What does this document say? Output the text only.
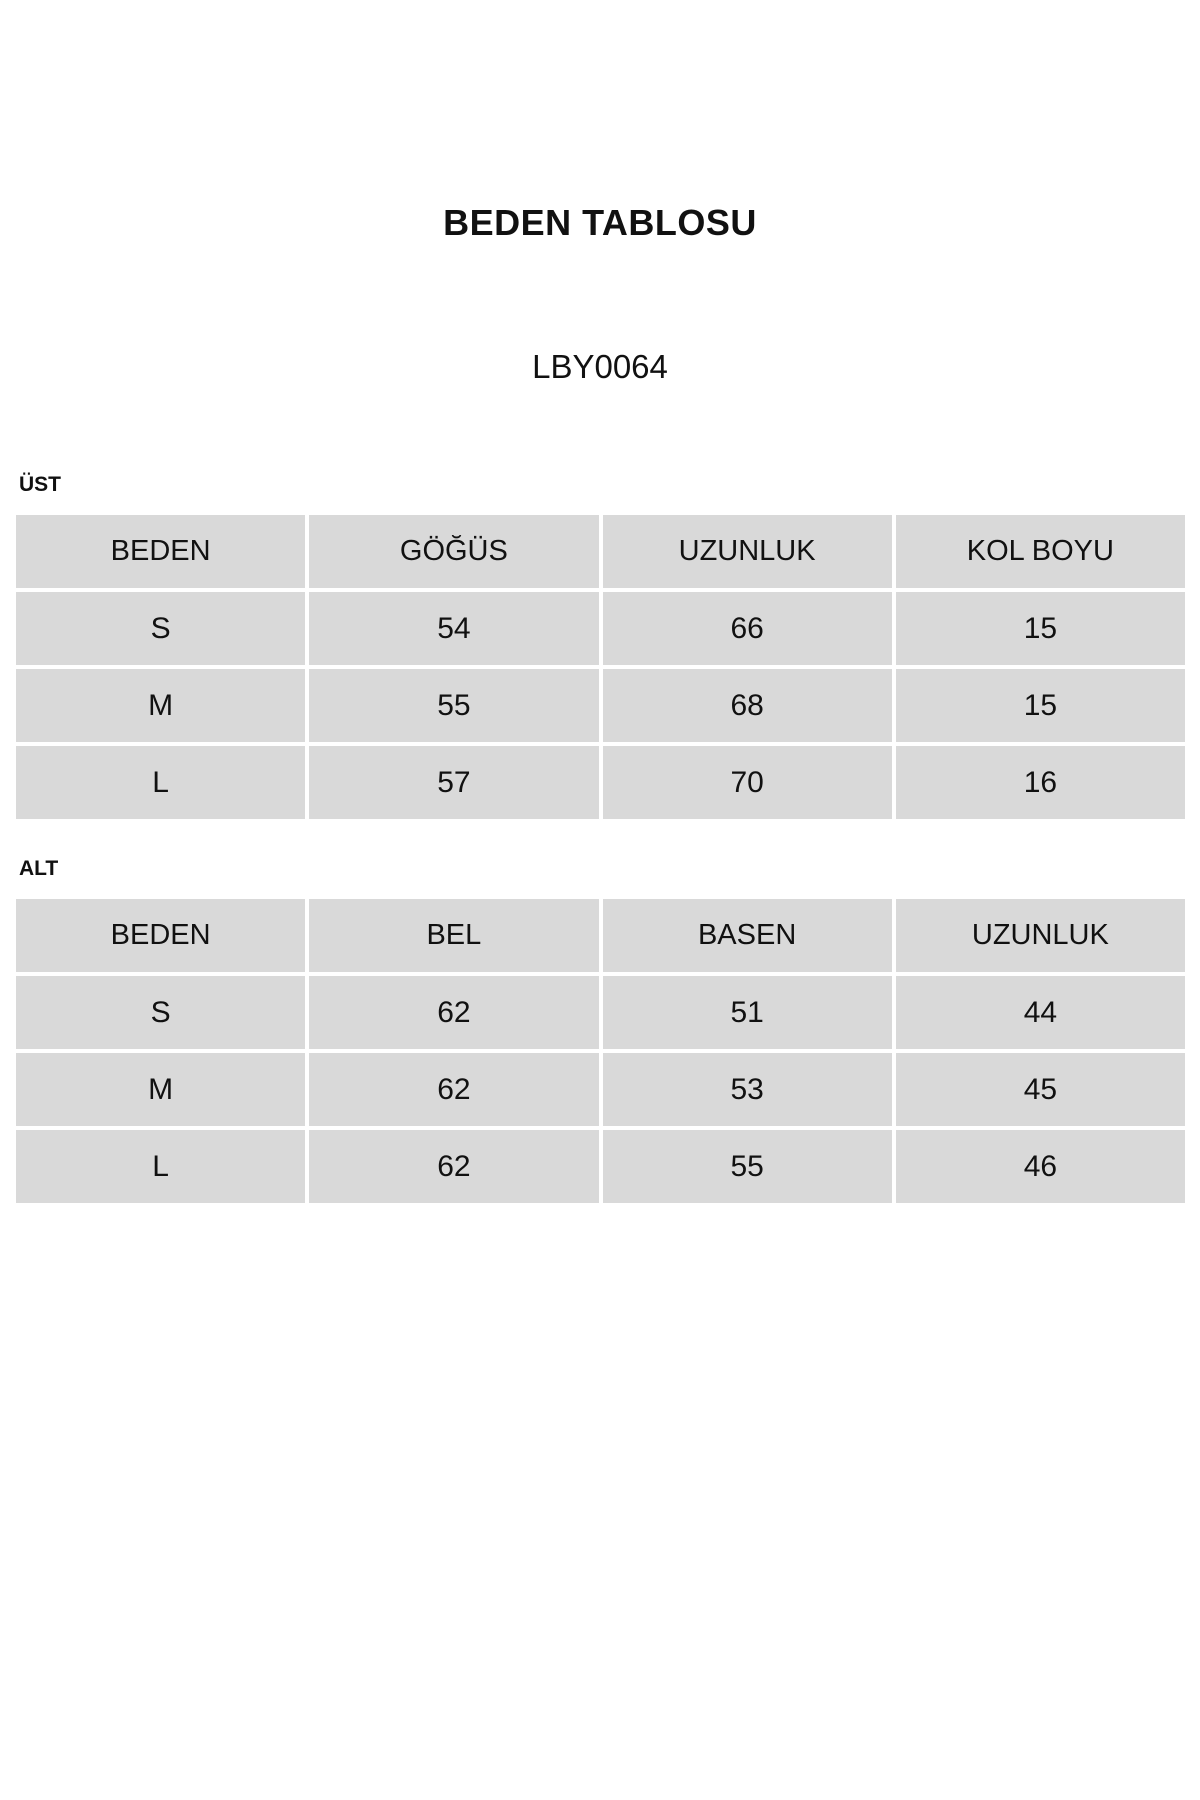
BEDEN TABLOSU
LBY0064
ÜST
BEDEN	GÖĞÜS	UZUNLUK	KOL BOYU
S	54	66	15
M	55	68	15
L	57	70	16
ALT
BEDEN	BEL	BASEN	UZUNLUK
S	62	51	44
M	62	53	45
L	62	55	46
